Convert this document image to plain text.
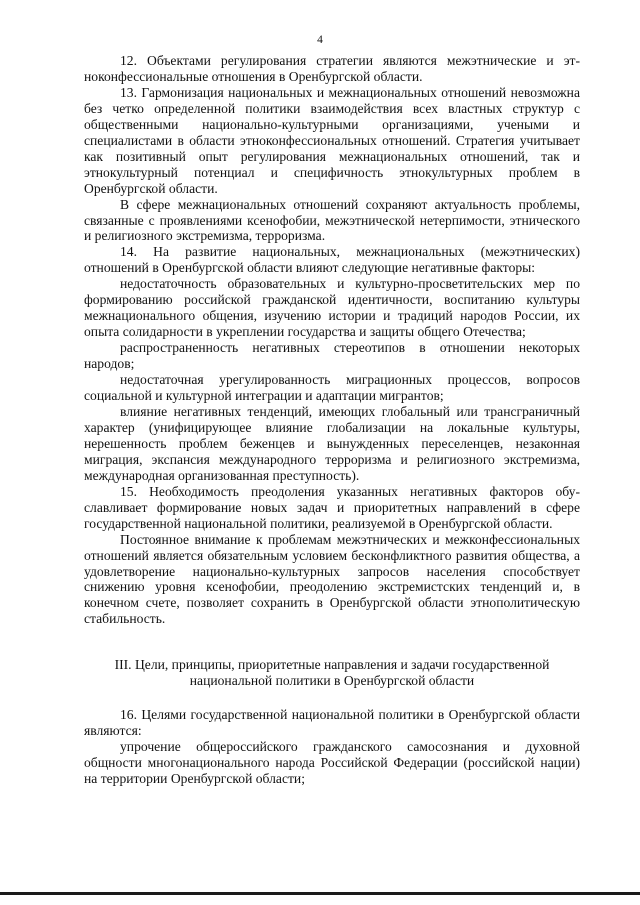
4

12. Объектами регулирования стратегии являются межэтнические и этноконфессиональные отношения в Оренбургской области.

13. Гармонизация национальных и межнациональных отношений невозможна без четко определенной политики взаимодействия всех властных структур с общественными национально-культурными организациями, учеными и специалистами в области этноконфессиональных отношений. Стратегия учитывает как позитивный опыт регулирования межнациональных отношений, так и этнокультурный потенциал и специфичность этнокультурных проблем в Оренбургской области.

В сфере межнациональных отношений сохраняют актуальность проблемы, связанные с проявлениями ксенофобии, межэтнической нетерпимости, этнического и религиозного экстремизма, терроризма.

14. На развитие национальных, межнациональных (межэтнических) отношений в Оренбургской области влияют следующие негативные факторы:

недостаточность образовательных и культурно-просветительских мер по формированию российской гражданской идентичности, воспитанию культуры межнационального общения, изучению истории и традиций народов России, их опыта солидарности в укреплении государства и защиты общего Отечества;

распространенность негативных стереотипов в отношении некоторых народов;

недостаточная урегулированность миграционных процессов, вопросов социальной и культурной интеграции и адаптации мигрантов;

влияние негативных тенденций, имеющих глобальный или трансграничный характер (унифицирующее влияние глобализации на локальные культуры, нерешенность проблем беженцев и вынужденных переселенцев, незаконная миграция, экспансия международного терроризма и религиозного экстремизма, международная организованная преступность).

15. Необходимость преодоления указанных негативных факторов обуславливает формирование новых задач и приоритетных направлений в сфере государственной национальной политики, реализуемой в Оренбургской области.

Постоянное внимание к проблемам межэтнических и межконфессиональных отношений является обязательным условием бесконфликтного развития общества, а удовлетворение национально-культурных запросов населения способствует снижению уровня ксенофобии, преодолению экстремистских тенденций и, в конечном счете, позволяет сохранить в Оренбургской области этнополитическую стабильность.

III. Цели, принципы, приоритетные направления и задачи государственной национальной политики в Оренбургской области

16. Целями государственной национальной политики в Оренбургской области являются:

упрочение общероссийского гражданского самосознания и духовной общности многонационального народа Российской Федерации (российской нации) на территории Оренбургской области;
